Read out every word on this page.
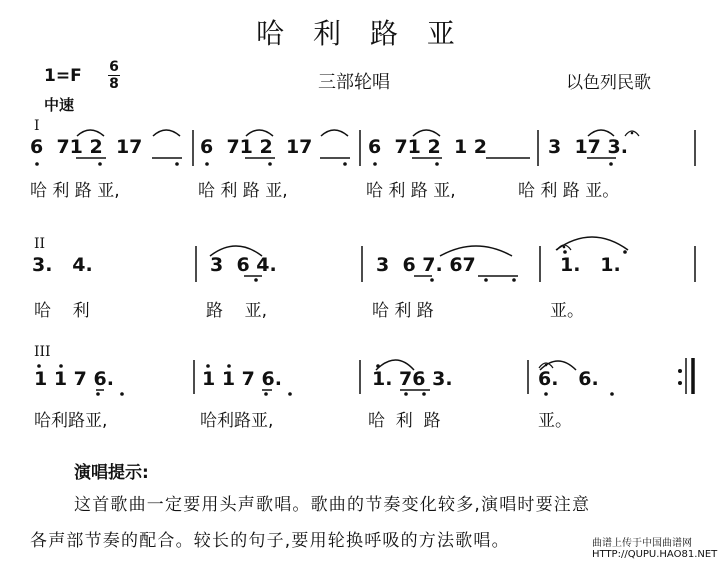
哈 利 路 亚
1=F 6
8	三部轮唱	以色列民歌
中速
I
II
III
6  71 2  17	6  71 2  17	6  71 2  1 2	3  17 3.
哈 利 路 亚,	哈 利 路 亚,	哈 利 路 亚,	哈 利 路 亚。
3.   4.	3  6 4.	3  6 7. 67	1.   1.
哈    利	路    亚,	哈 利 路	亚。
1 1 7 6.	1 1 7 6.	1. 76 3.	6.   6.
哈利路亚,	哈利路亚,	哈  利  路	亚。
演唱提示:
这首歌曲一定要用头声歌唱。歌曲的节奏变化较多,演唱时要注意
各声部节奏的配合。较长的句子,要用轮换呼吸的方法歌唱。	曲谱上传于中国曲谱网
HTTP://QUPU.HAO81.NET
